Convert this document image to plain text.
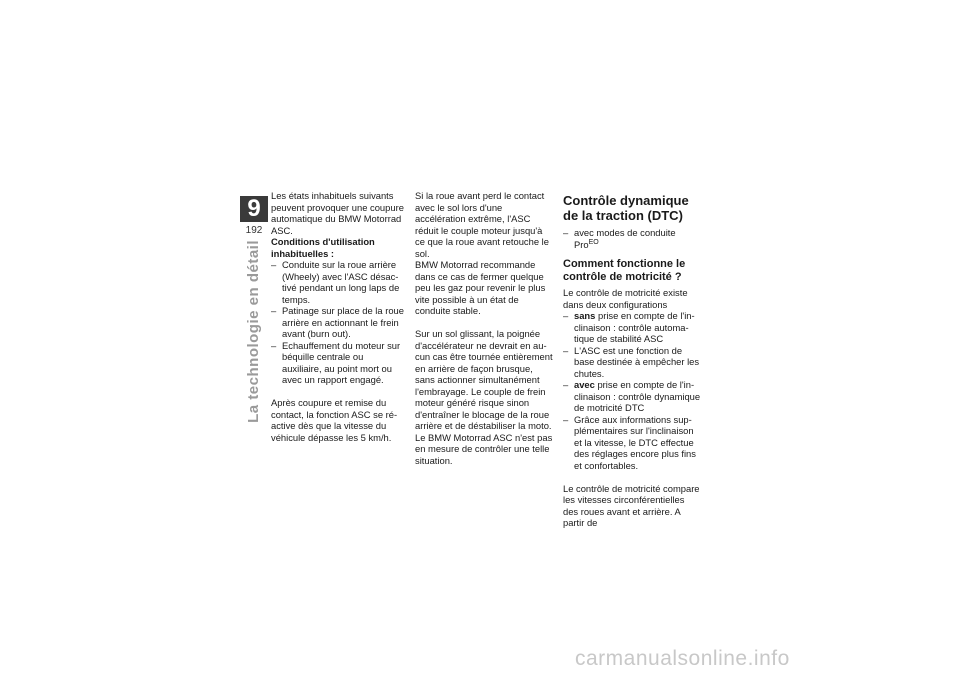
9
192
La technologie en détail

Les états inhabituels suivants peuvent provoquer une coupure automatique du BMW Motorrad ASC.

Conditions d'utilisation inhabituelles :

– Conduite sur la roue arrière (Wheely) avec l'ASC désactivé pendant un long laps de temps.
– Patinage sur place de la roue arrière en actionnant le frein avant (burn out).
– Echauffement du moteur sur béquille centrale ou auxiliaire, au point mort ou avec un rapport engagé.

Après coupure et remise du contact, la fonction ASC se réactive dès que la vitesse du véhicule dépasse les 5 km/h.

Si la roue avant perd le contact avec le sol lors d'une accélération extrême, l'ASC réduit le couple moteur jusqu'à ce que la roue avant retouche le sol.

BMW Motorrad recommande dans ce cas de fermer quelque peu les gaz pour revenir le plus vite possible à un état de conduite stable.

Sur un sol glissant, la poignée d'accélérateur ne devrait en aucun cas être tournée entièrement en arrière de façon brusque, sans actionner simultanément l'embrayage. Le couple de frein moteur généré risque sinon d'entraîner le blocage de la roue arrière et de déstabiliser la moto. Le BMW Motorrad ASC n'est pas en mesure de contrôler une telle situation.

Contrôle dynamique de la traction (DTC)
– avec modes de conduite Pro$^{EO}$
Comment fonctionne le contrôle de motricité ?

Le contrôle de motricité existe dans deux configurations

– sans prise en compte de l'inclinaison : contrôle automatique de stabilité ASC
– L'ASC est une fonction de base destinée à empêcher les chutes.
– avec prise en compte de l'inclinaison : contrôle dynamique de motricité DTC
– Grâce aux informations supplémentaires sur l'inclinaison et la vitesse, le DTC effectue des réglages encore plus fins et confortables.

Le contrôle de motricité compare les vitesses circonférentielles des roues avant et arrière. A partir de

carmanualsonline.info
